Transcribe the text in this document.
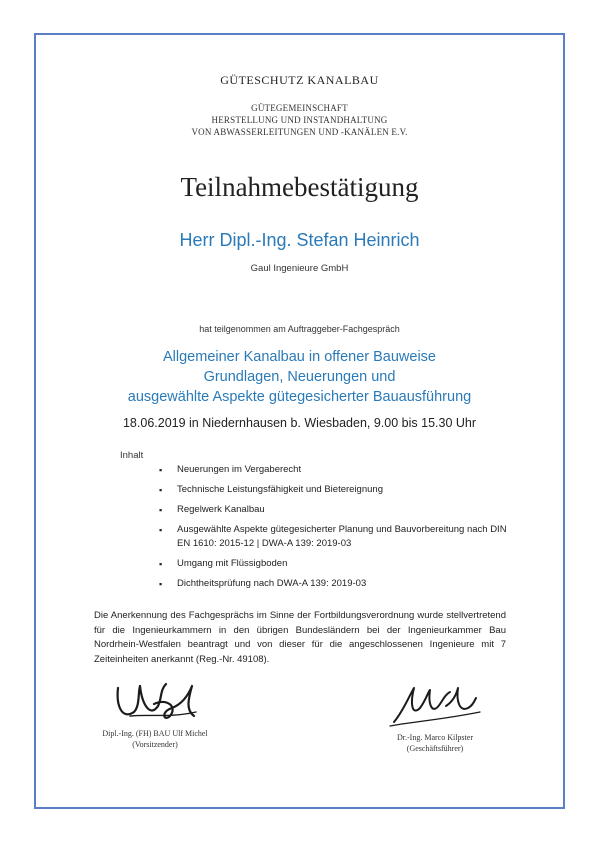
GÜTESCHUTZ KANALBAU
GÜTEGEMEINSCHAFT
HERSTELLUNG UND INSTANDHALTUNG
VON ABWASSERLEITUNGEN UND -KANÄLEN E.V.
Teilnahmebestätigung
Herr Dipl.-Ing. Stefan Heinrich
Gaul Ingenieure GmbH
hat teilgenommen am Auftraggeber-Fachgespräch
Allgemeiner Kanalbau in offener Bauweise
Grundlagen, Neuerungen und
ausgewählte Aspekte gütegesicherter Bauausführung
18.06.2019 in Niedernhausen b. Wiesbaden, 9.00 bis 15.30 Uhr
Inhalt
▪ Neuerungen im Vergaberecht
▪ Technische Leistungsfähigkeit und Bietereignung
▪ Regelwerk Kanalbau
▪ Ausgewählte Aspekte gütegesicherter Planung und Bauvorbereitung nach DIN EN 1610: 2015-12 | DWA-A 139: 2019-03
▪ Umgang mit Flüssigboden
▪ Dichtheitsprüfung nach DWA-A 139: 2019-03
Die Anerkennung des Fachgesprächs im Sinne der Fortbildungsverordnung wurde stellvertretend für die Ingenieurkammern in den übrigen Bundesländern bei der Ingenieurkammer Bau Nordrhein-Westfalen beantragt und von dieser für die angeschlossenen Ingenieure mit 7 Zeiteinheiten anerkannt (Reg.-Nr. 49108).
Dipl.-Ing. (FH) BAU Ulf Michel
(Vorsitzender)
Dr.-Ing. Marco Kilpster
(Geschäftsführer)
